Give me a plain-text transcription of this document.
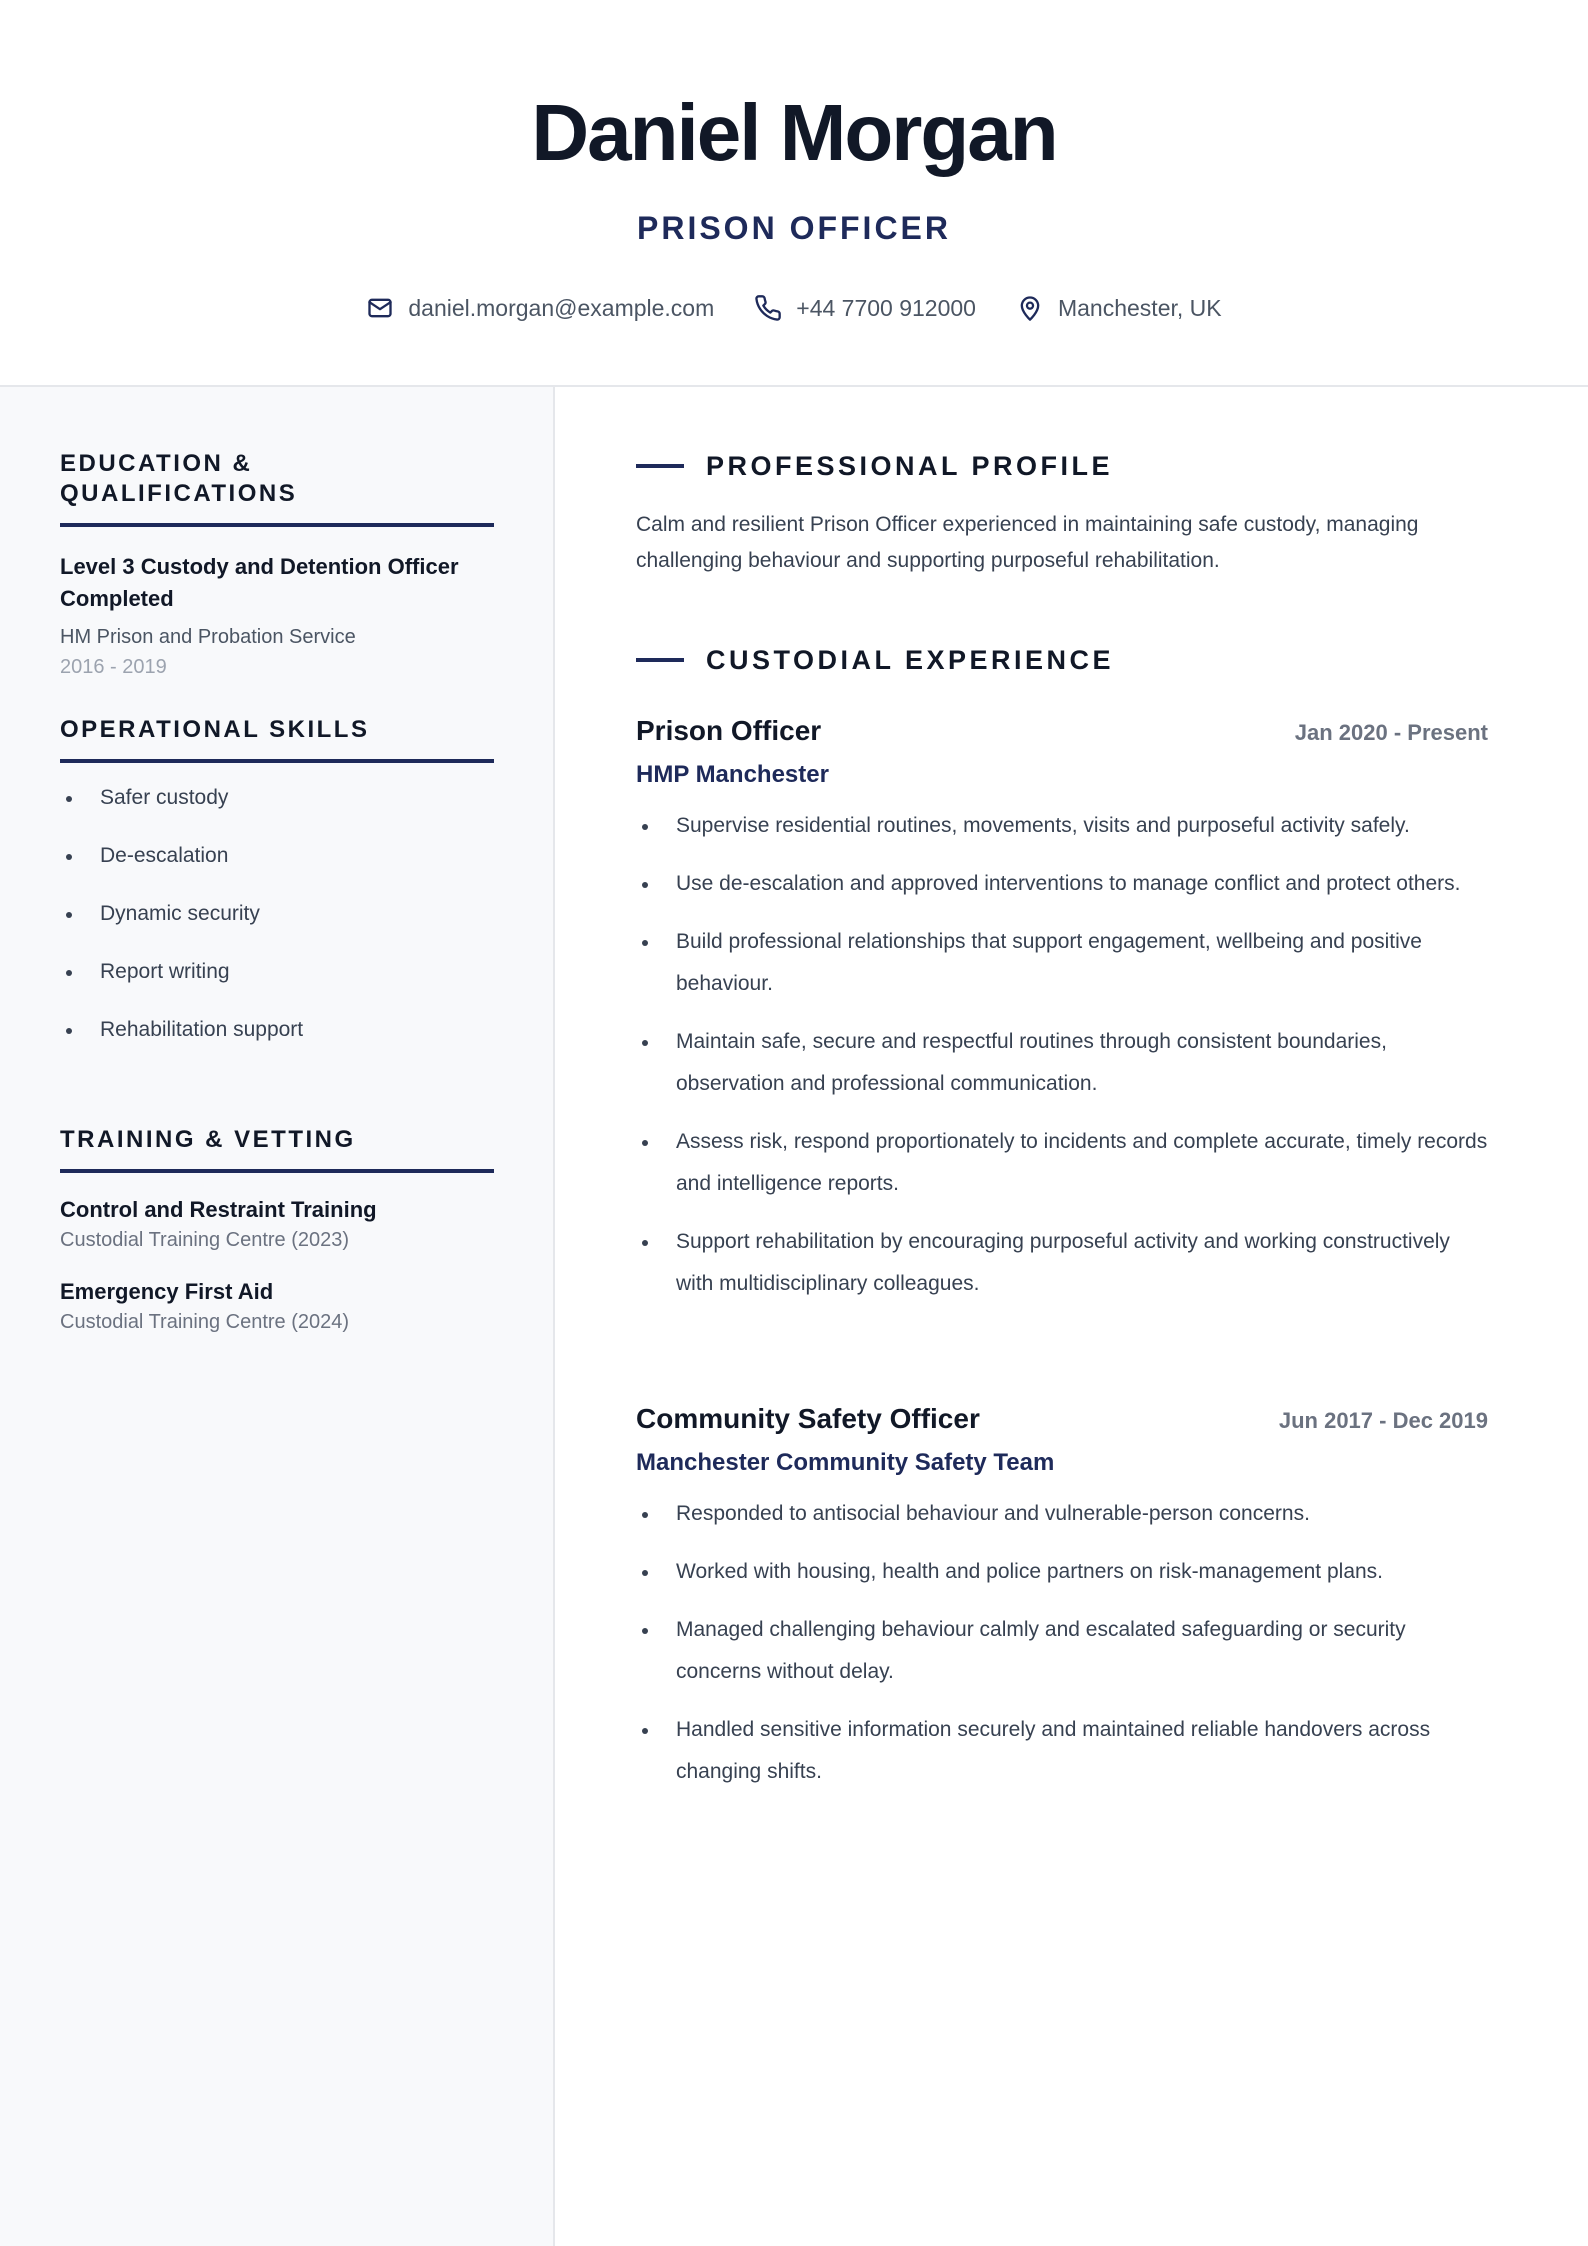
Daniel Morgan
PRISON OFFICER
daniel.morgan@example.com	+44 7700 912000	Manchester, UK
EDUCATION & QUALIFICATIONS
Level 3 Custody and Detention Officer Completed
HM Prison and Probation Service
2016 - 2019
OPERATIONAL SKILLS
Safer custody
De-escalation
Dynamic security
Report writing
Rehabilitation support
TRAINING & VETTING
Control and Restraint Training
Custodial Training Centre (2023)
Emergency First Aid
Custodial Training Centre (2024)
PROFESSIONAL PROFILE
Calm and resilient Prison Officer experienced in maintaining safe custody, managing challenging behaviour and supporting purposeful rehabilitation.
CUSTODIAL EXPERIENCE
Prison Officer	Jan 2020 - Present
HMP Manchester
Supervise residential routines, movements, visits and purposeful activity safely.
Use de-escalation and approved interventions to manage conflict and protect others.
Build professional relationships that support engagement, wellbeing and positive behaviour.
Maintain safe, secure and respectful routines through consistent boundaries, observation and professional communication.
Assess risk, respond proportionately to incidents and complete accurate, timely records and intelligence reports.
Support rehabilitation by encouraging purposeful activity and working constructively with multidisciplinary colleagues.
Community Safety Officer	Jun 2017 - Dec 2019
Manchester Community Safety Team
Responded to antisocial behaviour and vulnerable-person concerns.
Worked with housing, health and police partners on risk-management plans.
Managed challenging behaviour calmly and escalated safeguarding or security concerns without delay.
Handled sensitive information securely and maintained reliable handovers across changing shifts.
